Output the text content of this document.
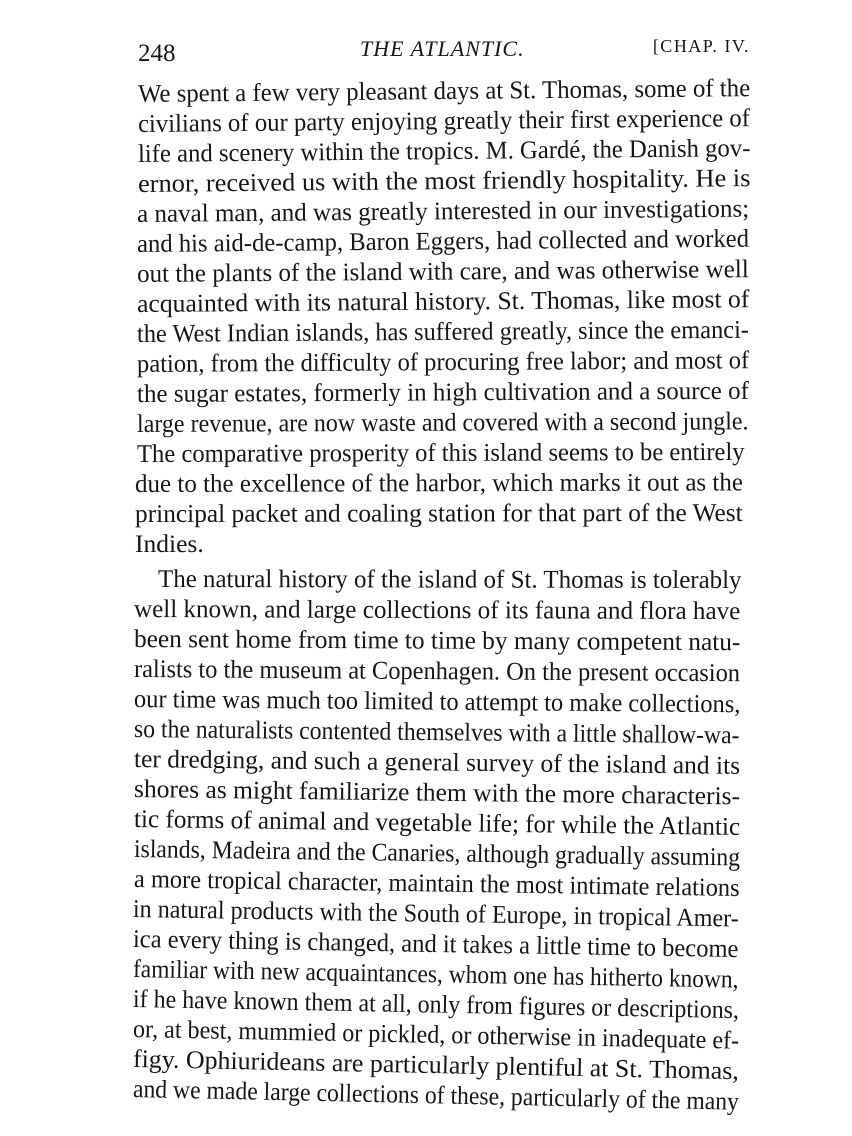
248	THE ATLANTIC.	[CHAP. IV.
We spent a few very pleasant days at St. Thomas, some of the
civilians of our party enjoying greatly their first experience of
life and scenery within the tropics. M. Gardé, the Danish gov-
ernor, received us with the most friendly hospitality. He is
a naval man, and was greatly interested in our investigations;
and his aid-de-camp, Baron Eggers, had collected and worked
out the plants of the island with care, and was otherwise well
acquainted with its natural history. St. Thomas, like most of
the West Indian islands, has suffered greatly, since the emanci-
pation, from the difficulty of procuring free labor; and most of
the sugar estates, formerly in high cultivation and a source of
large revenue, are now waste and covered with a second jungle.
The comparative prosperity of this island seems to be entirely
due to the excellence of the harbor, which marks it out as the
principal packet and coaling station for that part of the West
Indies.
The natural history of the island of St. Thomas is tolerably
well known, and large collections of its fauna and flora have
been sent home from time to time by many competent natu-
ralists to the museum at Copenhagen. On the present occasion
our time was much too limited to attempt to make collections,
so the naturalists contented themselves with a little shallow-wa-
ter dredging, and such a general survey of the island and its
shores as might familiarize them with the more characteris-
tic forms of animal and vegetable life; for while the Atlantic
islands, Madeira and the Canaries, although gradually assuming
a more tropical character, maintain the most intimate relations
in natural products with the South of Europe, in tropical Amer-
ica every thing is changed, and it takes a little time to become
familiar with new acquaintances, whom one has hitherto known,
if he have known them at all, only from figures or descriptions,
or, at best, mummied or pickled, or otherwise in inadequate ef-
figy. Ophiurideans are particularly plentiful at St. Thomas,
and we made large collections of these, particularly of the many
